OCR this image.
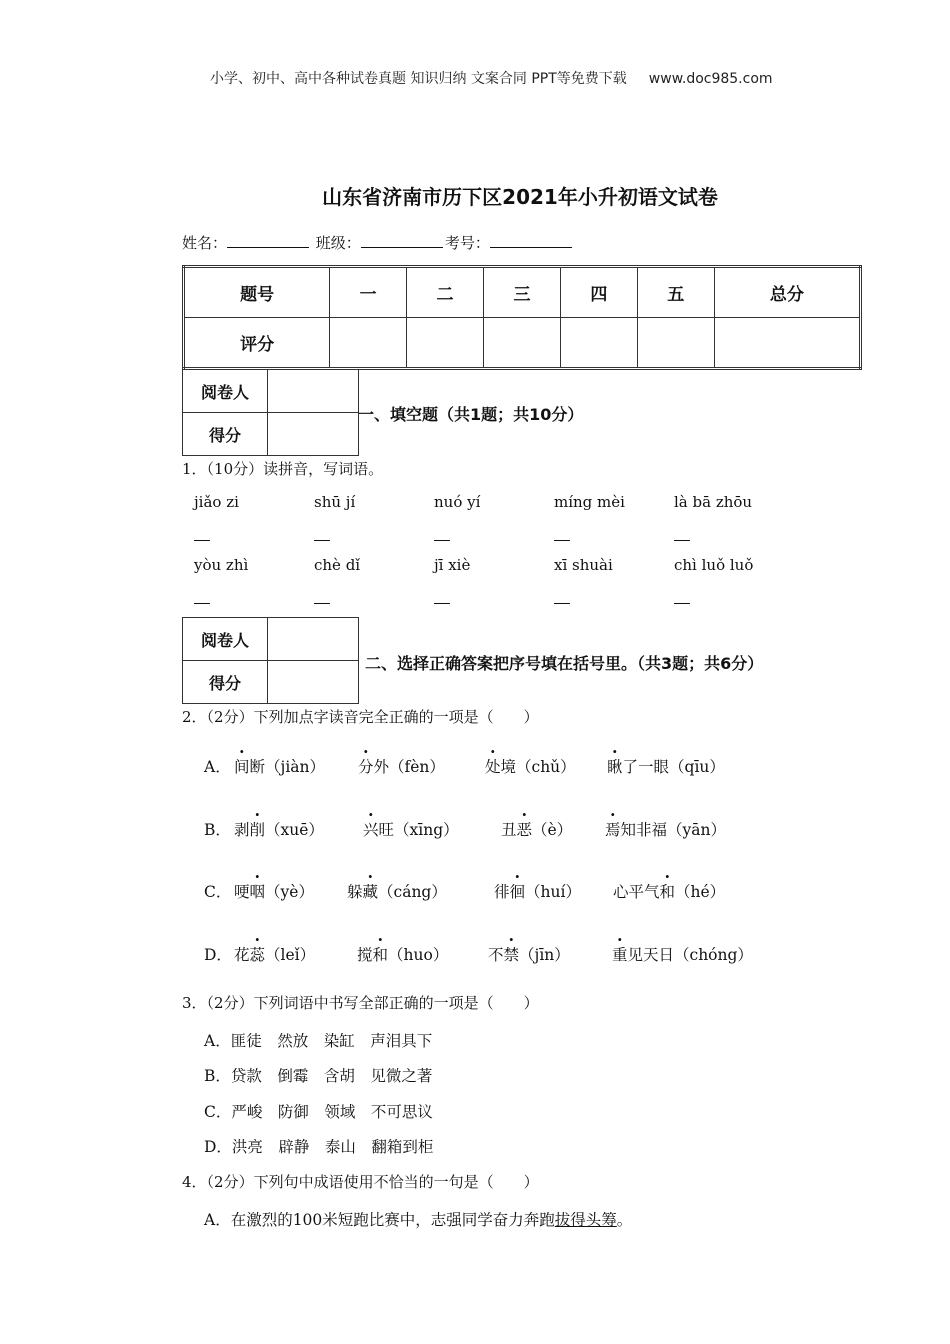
小学、初中、高中各种试卷真题 知识归纳 文案合同 PPT等免费下载 www.doc985.com
山东省济南市历下区2021年小升初语文试卷
姓名：	班级：	考号：
题号	一	二	三	四	五	总分
评分						
阅卷人	
得分	
一、填空题（共1题；共10分）
1．（10分）读拼音，写词语。
jiǎo zi	shū jí	nuó yí	míng mèi	là bā zhōu
yòu zhì	chè dǐ	jī xiè	xī shuài	chì luǒ luǒ
阅卷人	
得分	
二、选择正确答案把序号填在括号里。（共3题；共6分）
2．（2分）下列加点字读音完全正确的一项是（　　）
A． 间断（jiàn） 分外（fèn）	处境（chǔ） 瞅了一眼（qīu）
B． 剥削（xuē）	兴旺（xīng）	丑恶（è） 焉知非福（yān）
C． 哽咽（yè） 躲藏（cáng）	徘徊（huí） 心平气和（hé）
D． 花蕊（leǐ）	搅和（huo）	不禁（jīn）	重见天日（chóng）
3．（2分）下列词语中书写全部正确的一项是（　　）
A．匪徒　然放　染缸　声泪具下
B．贷款　倒霉　含胡　见微之著
C．严峻　防御　领域　不可思议
D．洪亮　辟静　泰山　翻箱到柜
4．（2分）下列句中成语使用不恰当的一句是（　　）
A．在激烈的100米短跑比赛中，志强同学奋力奔跑拔得头筹。
